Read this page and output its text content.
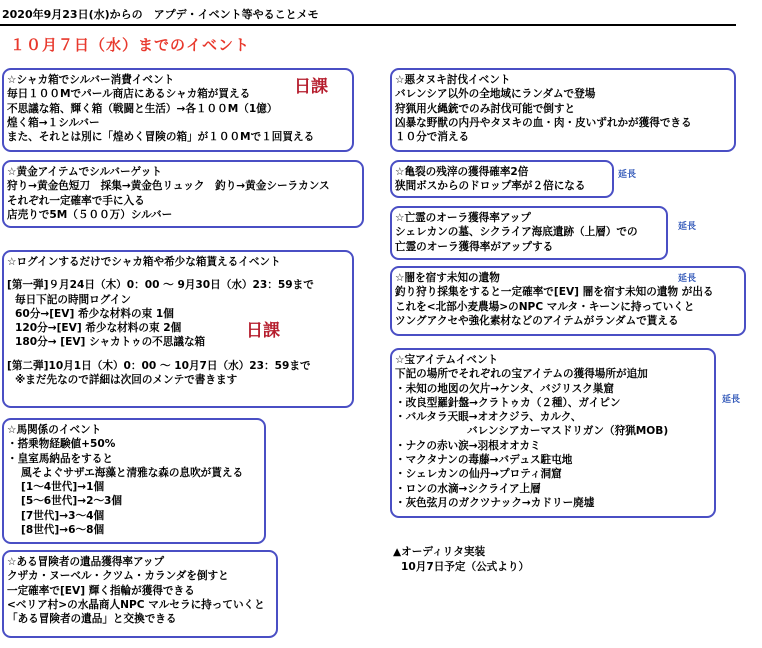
2020年9月23日(水)からの　アプデ・イベント等やることメモ
１０月７日（水）までのイベント
☆シャカ箱でシルバー消費イベント
毎日１００Mでパール商店にあるシャカ箱が買える
不思議な箱、輝く箱（戦闘と生活）→各１００M（1億）
煌く箱→１シルバー
また、それとは別に「煌めく冒険の箱」が１００Mで１回買える
日課
☆黄金アイテムでシルバーゲット
狩り→黄金色短刀　採集→黄金色リュック　釣り→黄金シーラカンス
それぞれ一定確率で手に入る
店売りで5M（５００万）シルバー
☆ログインするだけでシャカ箱や希少な箱貰えるイベント
[第一弾]９月24日（木）0：00 ～ 9月30日（水）23：59まで
毎日下記の時間ログイン
60分→[EV] 希少な材料の束 1個
120分→[EV] 希少な材料の束 2個
180分→ [EV] シャカトゥの不思議な箱
[第二弾]10月1日（木）0：00 ～ 10月7日（水）23：59まで
※まだ先なので詳細は次回のメンテで書きます
日課
☆馬関係のイベント
・搭乗物経験値+50%
・皇室馬納品をすると
風そよぐサザエ海藻と清雅な森の息吹が貰える
[1～4世代]→1個
[5～6世代]→2～3個
[7世代]→3～4個
[8世代]→6～8個
☆ある冒険者の遺品獲得率アップ
クザカ・ヌーベル・クツム・カランダを倒すと
一定確率で[EV] 輝く指輪が獲得できる
<ベリア村>の水晶商人NPC マルセラに持っていくと
「ある冒険者の遺品」と交換できる
☆悪タヌキ討伐イベント
バレンシア以外の全地域にランダムで登場
狩猟用火縄銃でのみ討伐可能で倒すと
凶暴な野獣の内丹やタヌキの血・肉・皮いずれかが獲得できる
１０分で消える
☆亀裂の残滓の獲得確率2倍
狭間ボスからのドロップ率が２倍になる
延長
☆亡霊のオーラ獲得率アップ
シェレカンの墓、シクライア海底遺跡（上層）での
亡霊のオーラ獲得率がアップする
延長
☆闇を宿す未知の遺物
釣り狩り採集をすると一定確率で[EV] 闇を宿す未知の遺物 が出る
これを<北部小麦農場>のNPC マルタ・キーンに持っていくと
ツングアクセや強化素材などのアイテムがランダムで貰える
延長
☆宝アイテムイベント
下記の場所でそれぞれの宝アイテムの獲得場所が追加
・未知の地図の欠片→ケンタ、バジリスク巣窟
・改良型羅針盤→クラトゥカ（２種）、ガイピン
・バルタラ天眼→オオクジラ、カルク、
バレンシアカーマスドリガン（狩猟MOB)
・ナクの赤い涙→羽根オオカミ
・マクタナンの毒藤→バデュス駐屯地
・シェレカンの仙丹→プロティ洞窟
・ロンの水滴→シクライア上層
・灰色弦月のガクツナック→カドリー廃墟
延長
▲オーディリタ実装
10月7日予定（公式より）
